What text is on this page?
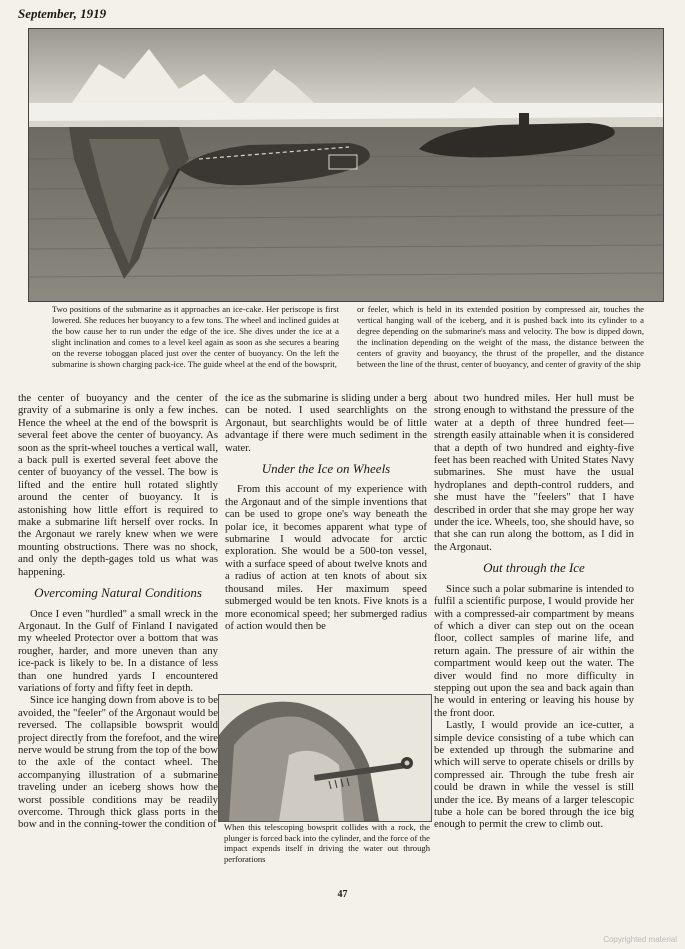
September, 1919
Two positions of the submarine as it approaches an ice-cake. Her periscope is first lowered. She reduces her buoyancy to a few tons. The wheel and inclined guides at the bow cause her to run under the edge of the ice. She dives under the ice at a slight inclination and comes to a level keel again as soon as she secures a bearing on the reverse toboggan placed just over the center of buoyancy. On the left the submarine is shown charging pack-ice. The guide wheel at the end of the bowsprit,
or feeler, which is held in its extended position by compressed air, touches the vertical hanging wall of the iceberg, and it is pushed back into its cylinder to a degree depending on the submarine's mass and velocity. The bow is dipped down, the inclination depending on the weight of the mass, the distance between the centers of gravity and buoyancy, the thrust of the propeller, and the distance between the line of the thrust, center of buoyancy, and center of gravity of the ship

the center of buoyancy and the center of gravity of a submarine is only a few inches. Hence the wheel at the end of the bowsprit is several feet above the center of buoyancy. As soon as the sprit-wheel touches a vertical wall, a back pull is exerted several feet above the center of buoyancy of the vessel. The bow is lifted and the entire hull rotated slightly around the center of buoyancy. It is astonishing how little effort is required to make a submarine lift herself over rocks. In the Argonaut we rarely knew when we were mounting obstructions. There was no shock, and only the depth-gages told us what was happening.

Overcoming Natural Conditions

Once I even "hurdled" a small wreck in the Argonaut. In the Gulf of Finland I navigated my wheeled Protector over a bottom that was rougher, harder, and more uneven than any ice-pack is likely to be. In a distance of less than one hundred yards I encountered variations of forty and fifty feet in depth.

Since ice hanging down from above is to be avoided, the "feeler" of the Argonaut would be reversed. The collapsible bowsprit would project directly from the forefoot, and the wire nerve would be strung from the top of the bow to the axle of the contact wheel. The accompanying illustration of a submarine traveling under an iceberg shows how the worst possible conditions may be readily overcome. Through thick glass ports in the bow and in the conning-tower the condition of

the ice as the submarine is sliding under a berg can be noted. I used searchlights on the Argonaut, but searchlights would be of little advantage if there were much sediment in the water.

Under the Ice on Wheels

From this account of my experience with the Argonaut and of the simple inventions that can be used to grope one's way beneath the polar ice, it becomes apparent what type of submarine I would advocate for arctic exploration. She would be a 500-ton vessel, with a surface speed of about twelve knots and a radius of action at ten knots of about six thousand miles. Her maximum speed submerged would be ten knots. Five knots is a more economical speed; her submerged radius of action would then be

When this telescoping bowsprit collides with a rock, the plunger is forced back into the cylinder, and the force of the impact expends itself in driving the water out through perforations

about two hundred miles. Her hull must be strong enough to withstand the pressure of the water at a depth of three hundred feet—strength easily attainable when it is considered that a depth of two hundred and eighty-five feet has been reached with United States Navy submarines. She must have the usual hydroplanes and depth-control rudders, and she must have the "feelers" that I have described in order that she may grope her way under the ice. Wheels, too, she should have, so that she can run along the bottom, as I did in the Argonaut.

Out through the Ice

Since such a polar submarine is intended to fulfil a scientific purpose, I would provide her with a compressed-air compartment by means of which a diver can step out on the ocean floor, collect samples of marine life, and return again. The pressure of air within the compartment would keep out the water. The diver would find no more difficulty in stepping out upon the sea and back again than he would in entering or leaving his house by the front door.

Lastly, I would provide an ice-cutter, a simple device consisting of a tube which can be extended up through the submarine and which will serve to operate chisels or drills by compressed air. Through the tube fresh air could be drawn in while the vessel is still under the ice. By means of a larger telescopic tube a hole can be bored through the ice big enough to permit the crew to climb out.

47
Copyrighted material
